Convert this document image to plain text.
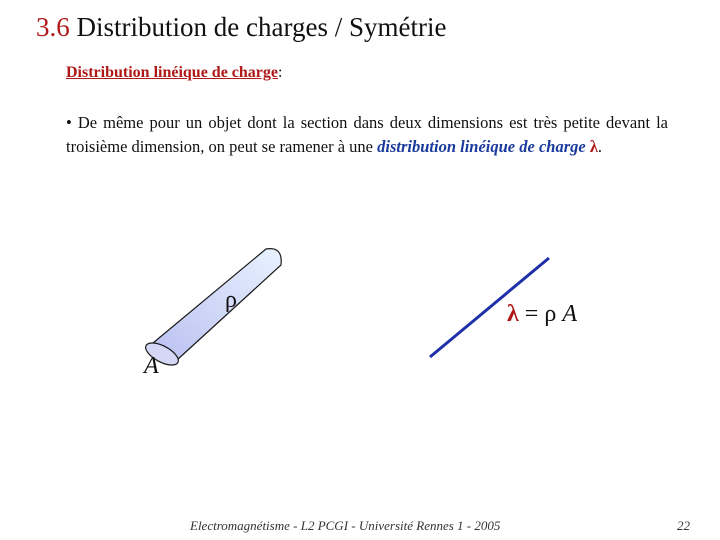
3.6 Distribution de charges / Symétrie
Distribution linéique de charge:
• De même pour un objet dont la section dans deux dimensions est très petite devant la troisième dimension, on peut se ramener à une distribution linéique de charge λ.
ρ
A
λ = ρ A
Electromagnétisme - L2 PCGI - Université Rennes 1 - 2005	22
